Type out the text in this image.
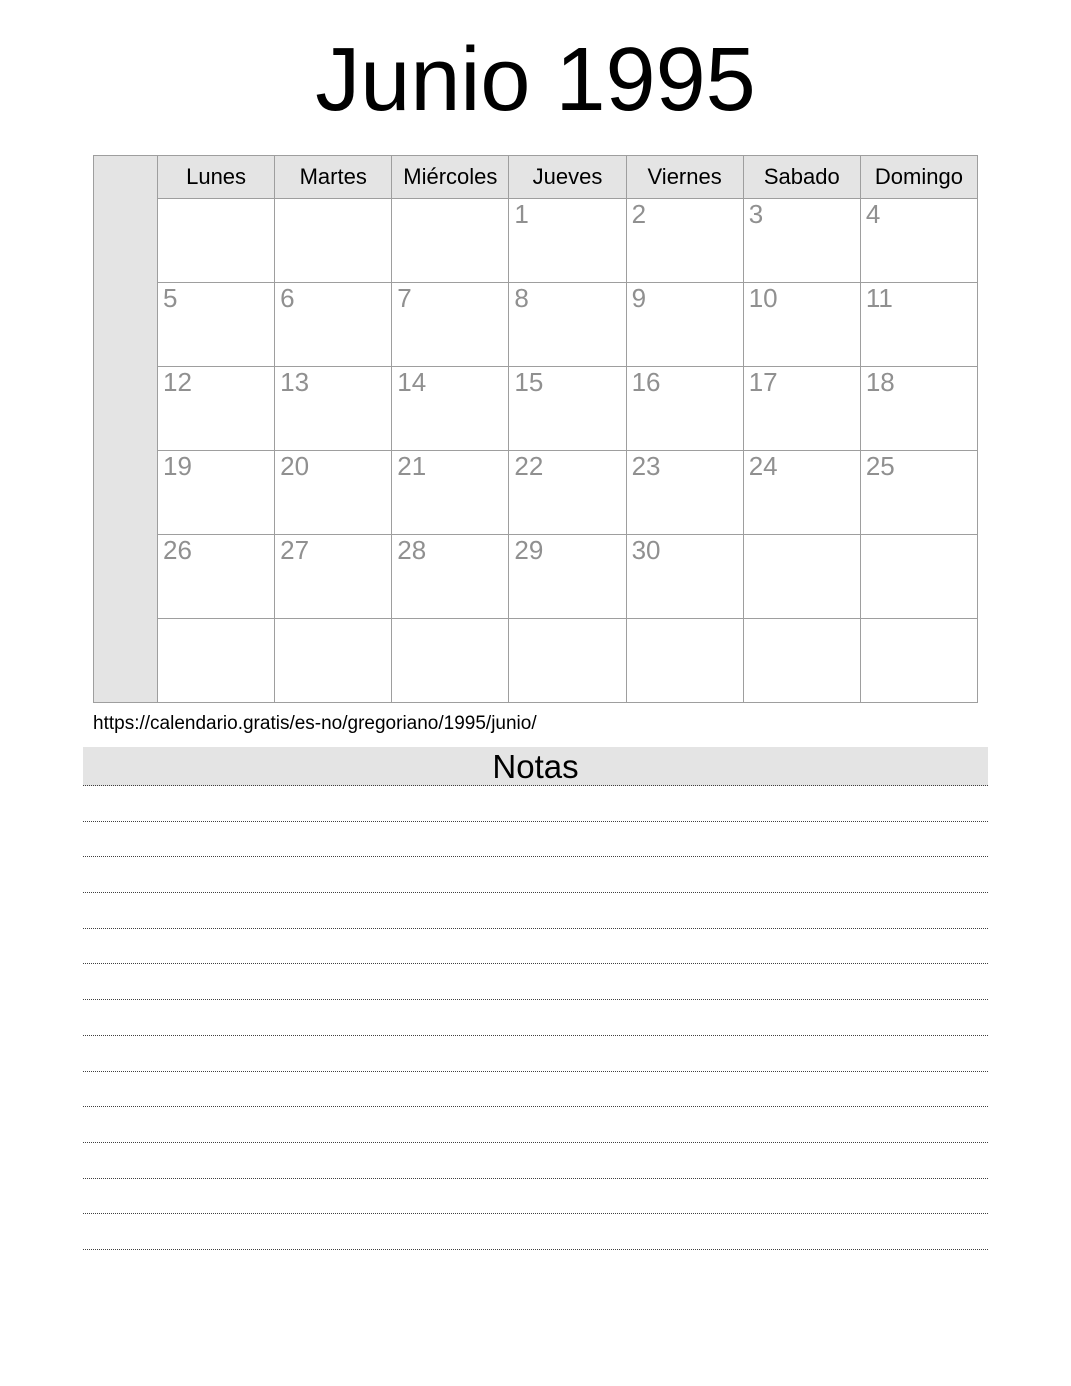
Junio 1995
	Lunes	Martes	Miércoles	Jueves	Viernes	Sabado	Domingo
				1	2	3	4
	5	6	7	8	9	10	11
	12	13	14	15	16	17	18
	19	20	21	22	23	24	25
	26	27	28	29	30		

https://calendario.gratis/es-no/gregoriano/1995/junio/
Notas
